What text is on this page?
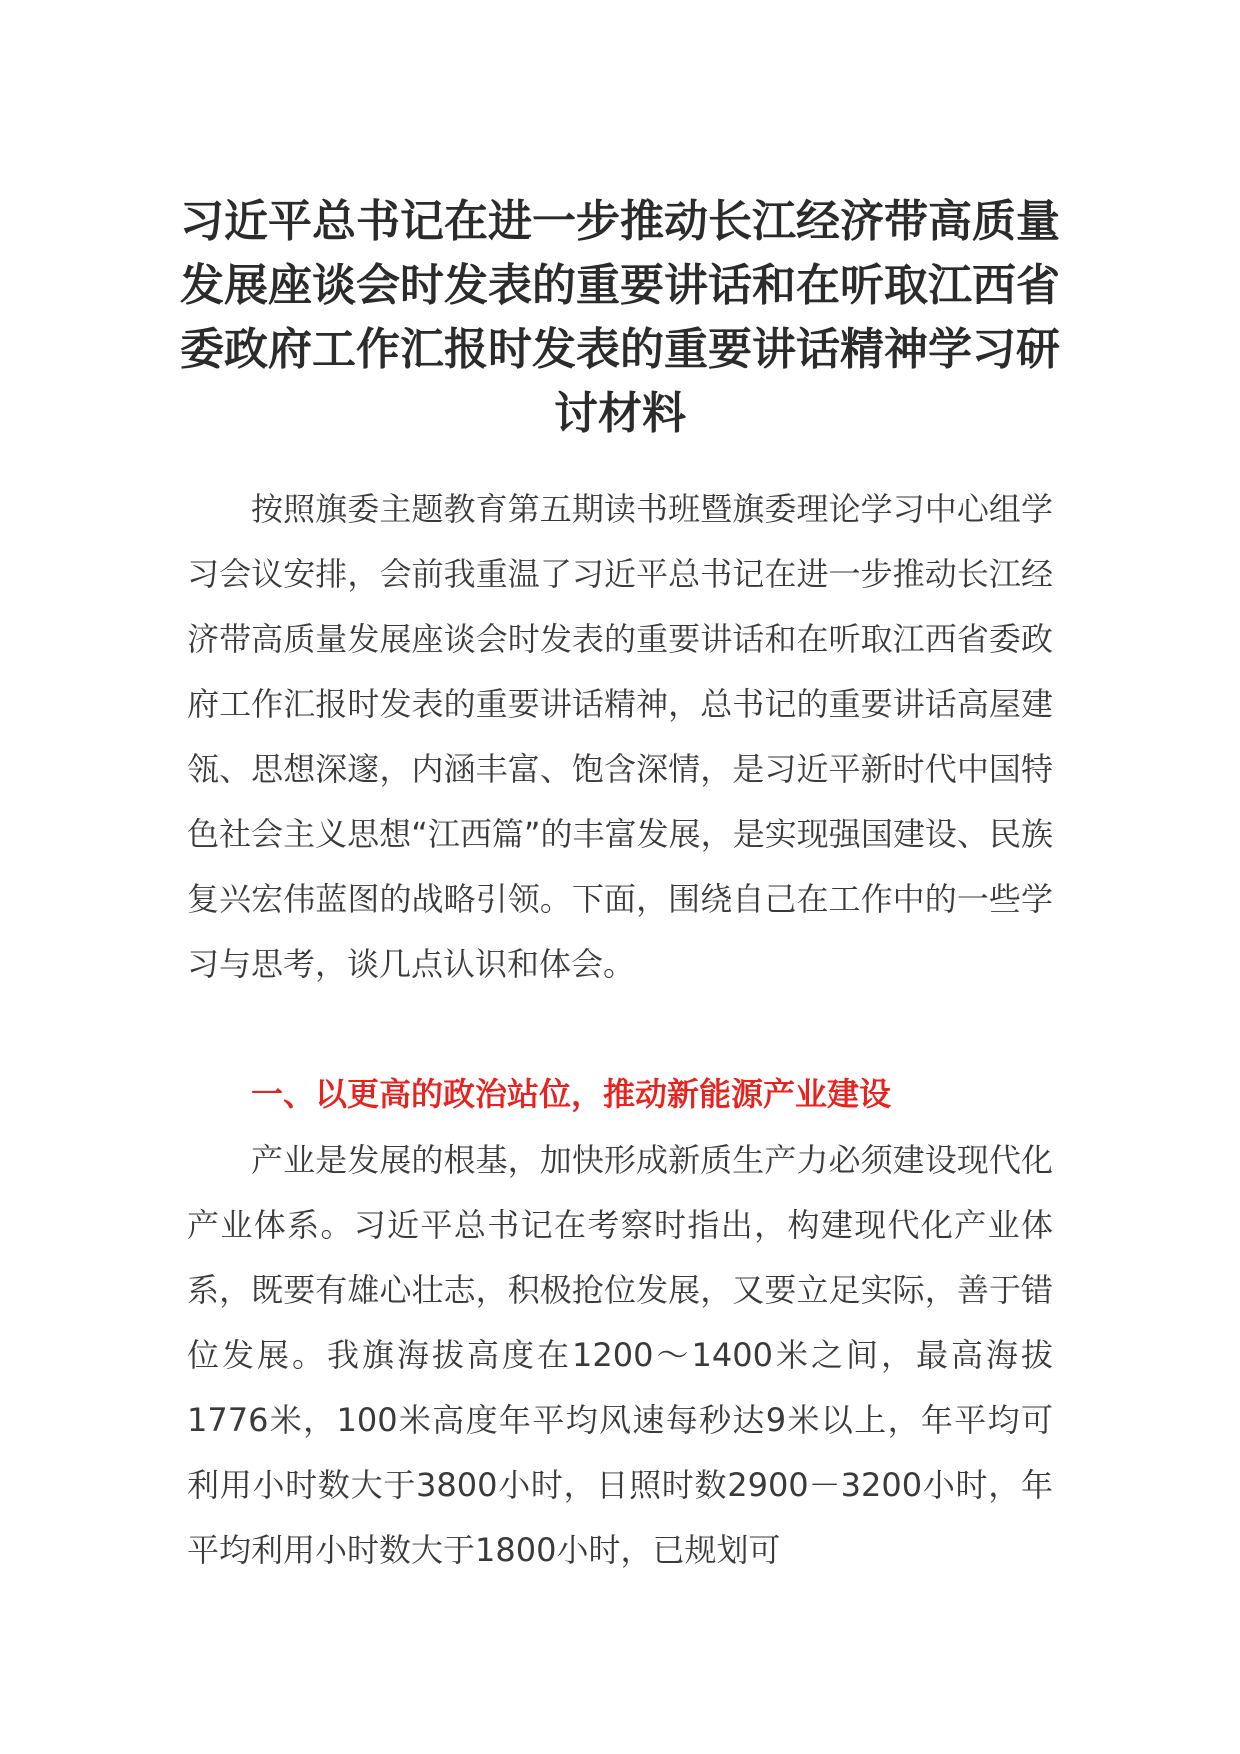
习近平总书记在进一步推动长江经济带高质量发展座谈会时发表的重要讲话和在听取江西省委政府工作汇报时发表的重要讲话精神学习研讨材料

按照旗委主题教育第五期读书班暨旗委理论学习中心组学习会议安排，会前我重温了习近平总书记在进一步推动长江经济带高质量发展座谈会时发表的重要讲话和在听取江西省委政府工作汇报时发表的重要讲话精神，总书记的重要讲话高屋建瓴、思想深邃，内涵丰富、饱含深情，是习近平新时代中国特色社会主义思想“江西篇”的丰富发展，是实现强国建设、民族复兴宏伟蓝图的战略引领。下面，围绕自己在工作中的一些学习与思考，谈几点认识和体会。

一、以更高的政治站位，推动新能源产业建设

产业是发展的根基，加快形成新质生产力必须建设现代化产业体系。习近平总书记在考察时指出，构建现代化产业体系，既要有雄心壮志，积极抢位发展，又要立足实际，善于错位发展。我旗海拔高度在1200～1400米之间，最高海拔1776米，100米高度年平均风速每秒达9米以上，年平均可利用小时数大于3800小时，日照时数2900－3200小时，年平均利用小时数大于1800小时，已规划可
